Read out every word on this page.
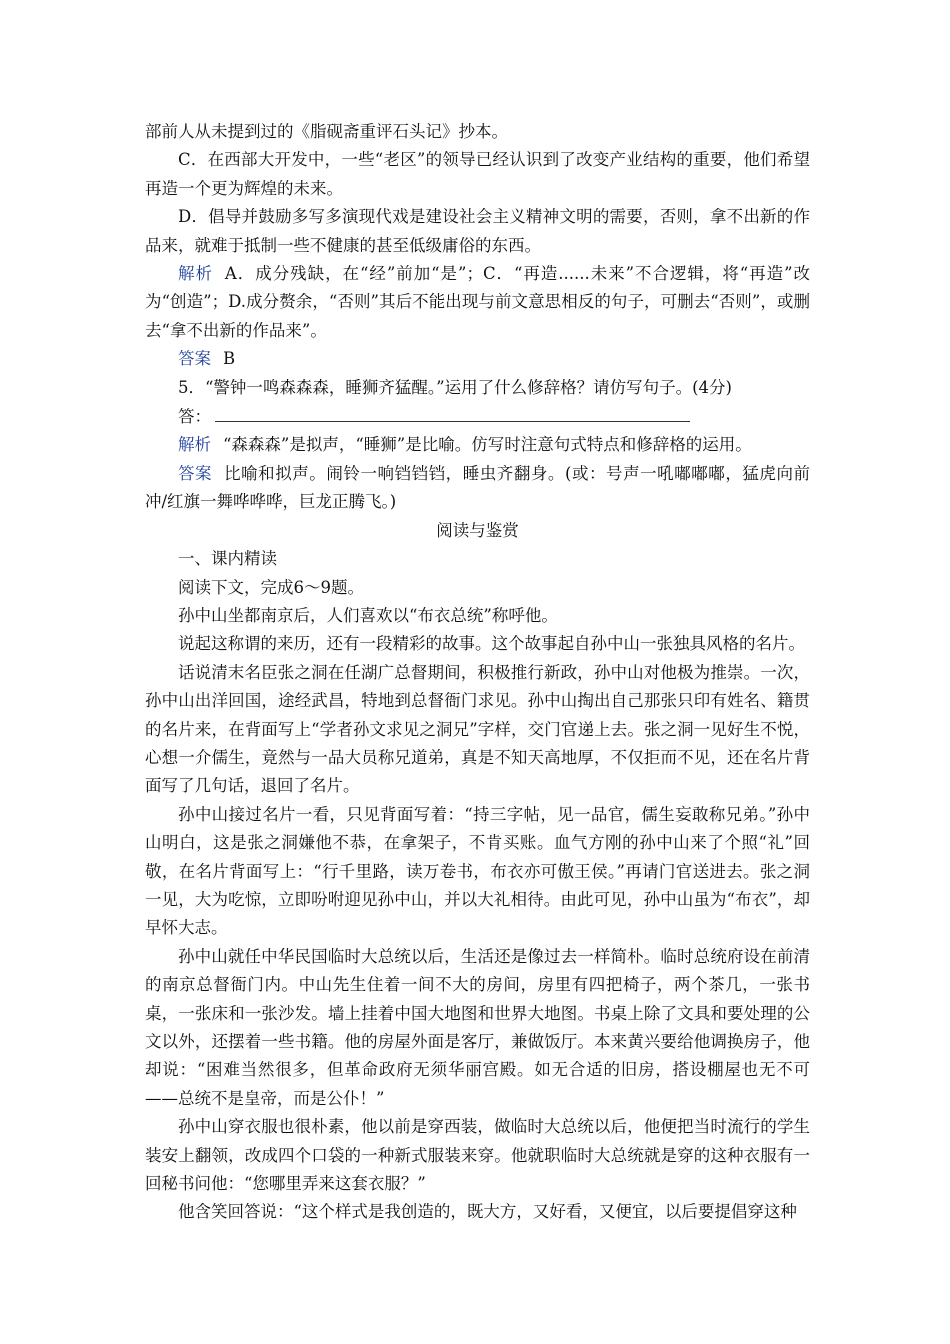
部前人从未提到过的《脂砚斋重评石头记》抄本。

C．在西部大开发中，一些“老区”的领导已经认识到了改变产业结构的重要，他们希望再造一个更为辉煌的未来。

D．倡导并鼓励多写多演现代戏是建设社会主义精神文明的需要，否则，拿不出新的作品来，就难于抵制一些不健康的甚至低级庸俗的东西。

解析 A．成分残缺，在“经”前加“是”；C．“再造......未来”不合逻辑，将“再造”改为“创造”；D.成分赘余，“否则”其后不能出现与前文意思相反的句子，可删去“否则”，或删去“拿不出新的作品来”。

答案 B

5．“警钟一鸣森森森，睡狮齐猛醒。”运用了什么修辞格？请仿写句子。(4分)

答：

解析 “森森森”是拟声，“睡狮”是比喻。仿写时注意句式特点和修辞格的运用。

答案 比喻和拟声。闹铃一响铛铛铛，睡虫齐翻身。(或：号声一吼嘟嘟嘟，猛虎向前冲/红旗一舞哗哗哗，巨龙正腾飞。)

阅读与鉴赏

一、课内精读

阅读下文，完成6～9题。

孙中山坐都南京后，人们喜欢以“布衣总统”称呼他。

说起这称谓的来历，还有一段精彩的故事。这个故事起自孙中山一张独具风格的名片。

话说清末名臣张之洞在任湖广总督期间，积极推行新政，孙中山对他极为推崇。一次，孙中山出洋回国，途经武昌，特地到总督衙门求见。孙中山掏出自己那张只印有姓名、籍贯的名片来，在背面写上“学者孙文求见之洞兄”字样，交门官递上去。张之洞一见好生不悦，心想一介儒生，竟然与一品大员称兄道弟，真是不知天高地厚，不仅拒而不见，还在名片背面写了几句话，退回了名片。

孙中山接过名片一看，只见背面写着：“持三字帖，见一品官，儒生妄敢称兄弟。”孙中山明白，这是张之洞嫌他不恭，在拿架子，不肯买账。血气方刚的孙中山来了个照“礼”回敬，在名片背面写上：“行千里路，读万卷书，布衣亦可傲王侯。”再请门官送进去。张之洞一见，大为吃惊，立即吩咐迎见孙中山，并以大礼相待。由此可见，孙中山虽为“布衣”，却早怀大志。

孙中山就任中华民国临时大总统以后，生活还是像过去一样简朴。临时总统府设在前清的南京总督衙门内。中山先生住着一间不大的房间，房里有四把椅子，两个茶几，一张书桌，一张床和一张沙发。墙上挂着中国大地图和世界大地图。书桌上除了文具和要处理的公文以外，还摆着一些书籍。他的房屋外面是客厅，兼做饭厅。本来黄兴要给他调换房子，他却说：“困难当然很多，但革命政府无须华丽宫殿。如无合适的旧房，搭设棚屋也无不可——总统不是皇帝，而是公仆！”

孙中山穿衣服也很朴素，他以前是穿西装，做临时大总统以后，他便把当时流行的学生装安上翻领，改成四个口袋的一种新式服装来穿。他就职临时大总统就是穿的这种衣服有一回秘书问他：“您哪里弄来这套衣服？”

他含笑回答说：“这个样式是我创造的，既大方，又好看，又便宜，以后要提倡穿这种
